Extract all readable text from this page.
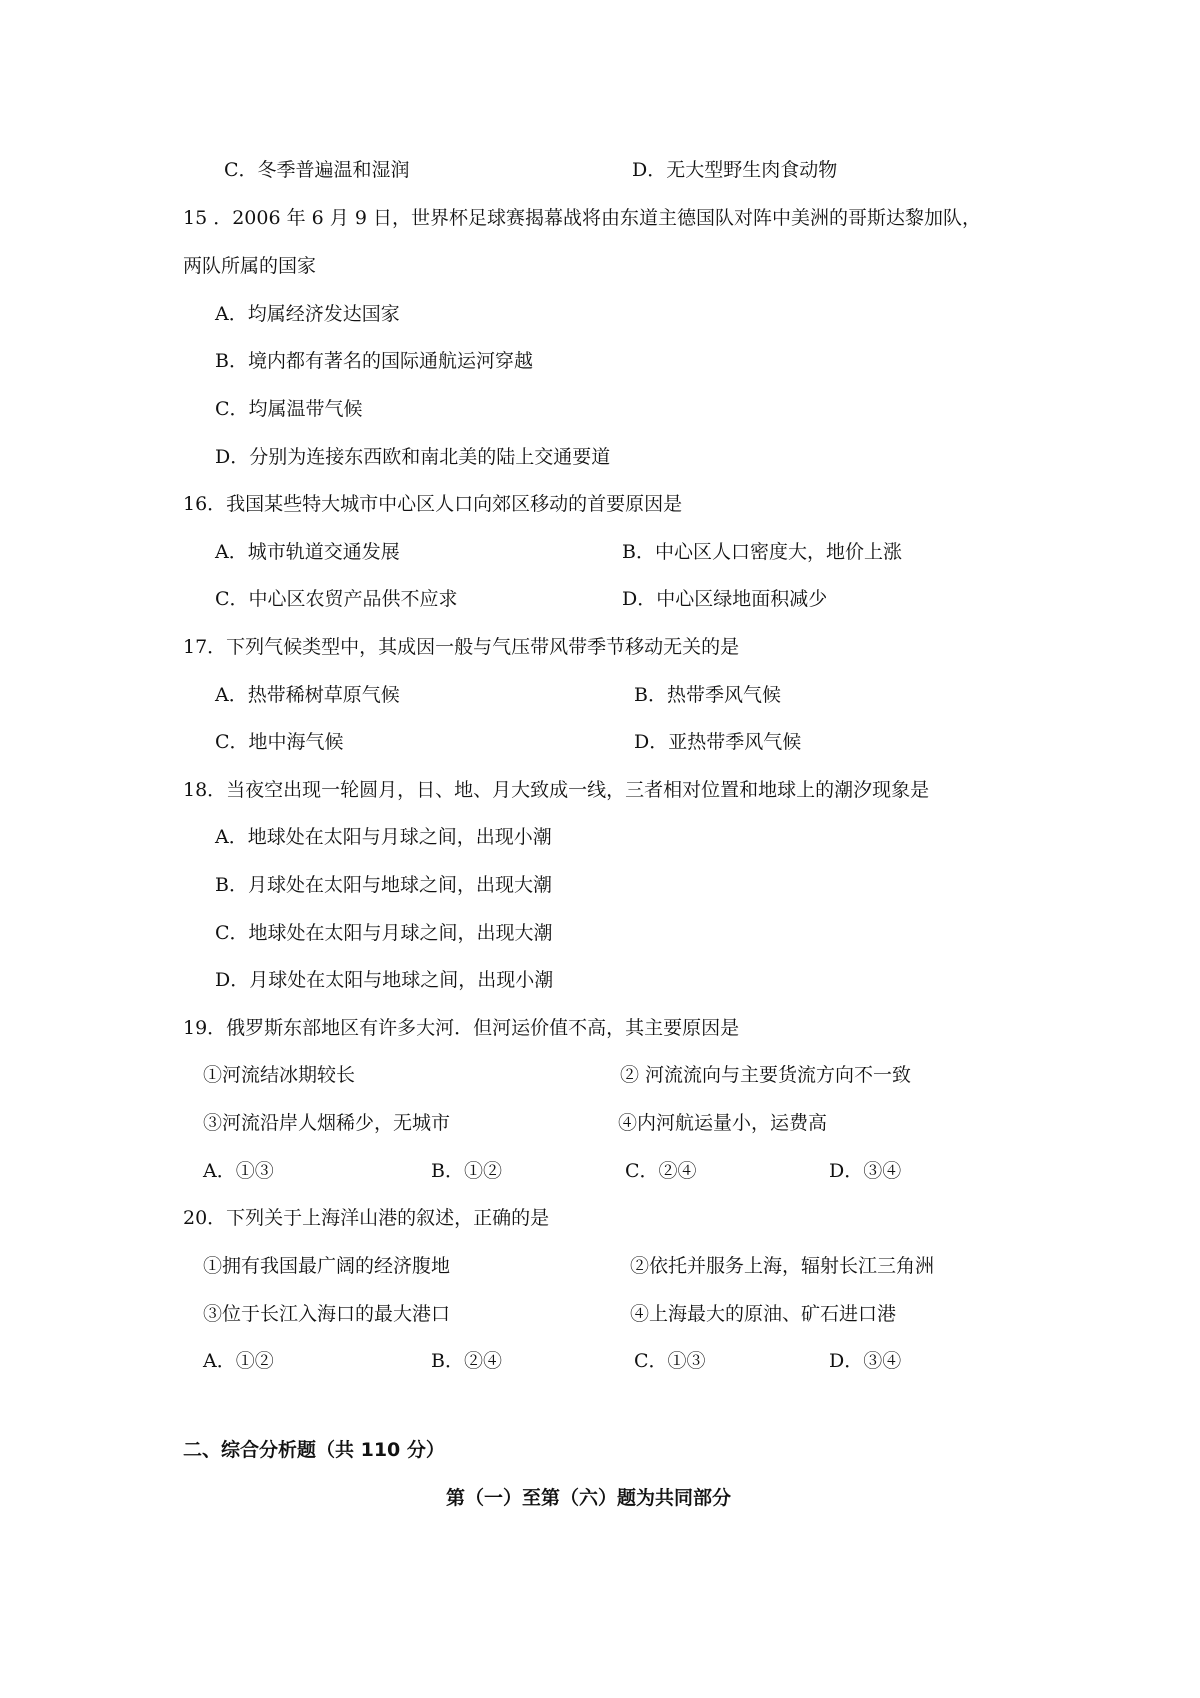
C．冬季普遍温和湿润	D．无大型野生肉食动物
15 ．2006 年 6 月 9 日，世界杯足球赛揭幕战将由东道主德国队对阵中美洲的哥斯达黎加队，
两队所属的国家
A．均属经济发达国家
B．境内都有著名的国际通航运河穿越
C．均属温带气候
D．分别为连接东西欧和南北美的陆上交通要道
16．我国某些特大城市中心区人口向郊区移动的首要原因是
A．城市轨道交通发展	B．中心区人口密度大，地价上涨
C．中心区农贸产品供不应求	D．中心区绿地面积减少
17．下列气候类型中，其成因一般与气压带风带季节移动无关的是
A．热带稀树草原气候	B．热带季风气候
C．地中海气候	D．亚热带季风气候
18．当夜空出现一轮圆月，日、地、月大致成一线，三者相对位置和地球上的潮汐现象是
A．地球处在太阳与月球之间，出现小潮
B．月球处在太阳与地球之间，出现大潮
C．地球处在太阳与月球之间，出现大潮
D．月球处在太阳与地球之间，出现小潮
19．俄罗斯东部地区有许多大河．但河运价值不高，其主要原因是
①河流结冰期较长	② 河流流向与主要货流方向不一致
③河流沿岸人烟稀少，无城市	④内河航运量小，运费高
A．①③	B．①②	C．②④	D．③④
20．下列关于上海洋山港的叙述，正确的是
①拥有我国最广阔的经济腹地	②依托并服务上海，辐射长江三角洲
③位于长江入海口的最大港口	④上海最大的原油、矿石进口港
A．①②	B．②④	C．①③	D．③④
二、综合分析题（共 110 分）
第（一）至第（六）题为共同部分
